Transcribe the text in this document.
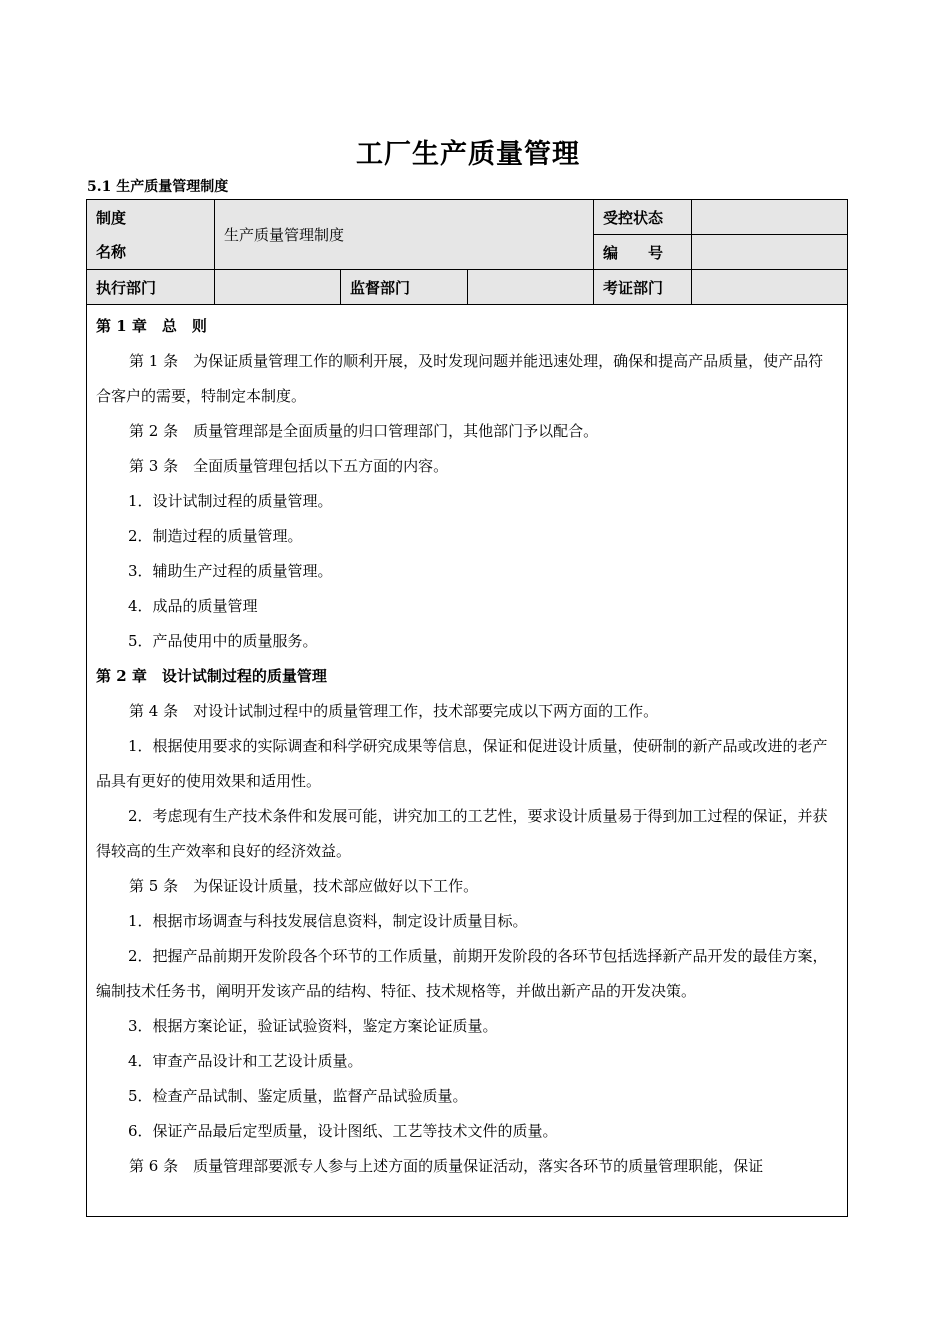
工厂生产质量管理
5.1 生产质量管理制度
制度
名称	生产质量管理制度			受控状态	
				编　　号	
执行部门		监督部门		考证部门	

第 1 章　总　则

第 1 条　为保证质量管理工作的顺利开展，及时发现问题并能迅速处理，确保和提高产品质量，使产品符合客户的需要，特制定本制度。

第 2 条　质量管理部是全面质量的归口管理部门，其他部门予以配合。

第 3 条　全面质量管理包括以下五方面的内容。

1．设计试制过程的质量管理。

2．制造过程的质量管理。

3．辅助生产过程的质量管理。

4．成品的质量管理

5．产品使用中的质量服务。

第 2 章　设计试制过程的质量管理

第 4 条　对设计试制过程中的质量管理工作，技术部要完成以下两方面的工作。

1．根据使用要求的实际调查和科学研究成果等信息，保证和促进设计质量，使研制的新产品或改进的老产品具有更好的使用效果和适用性。

2．考虑现有生产技术条件和发展可能，讲究加工的工艺性，要求设计质量易于得到加工过程的保证，并获得较高的生产效率和良好的经济效益。

第 5 条　为保证设计质量，技术部应做好以下工作。

1．根据市场调查与科技发展信息资料，制定设计质量目标。

2．把握产品前期开发阶段各个环节的工作质量，前期开发阶段的各环节包括选择新产品开发的最佳方案，编制技术任务书，阐明开发该产品的结构、特征、技术规格等，并做出新产品的开发决策。

3．根据方案论证，验证试验资料，鉴定方案论证质量。

4．审查产品设计和工艺设计质量。

5．检查产品试制、鉴定质量，监督产品试验质量。

6．保证产品最后定型质量，设计图纸、工艺等技术文件的质量。

第 6 条　质量管理部要派专人参与上述方面的质量保证活动，落实各环节的质量管理职能，保证
